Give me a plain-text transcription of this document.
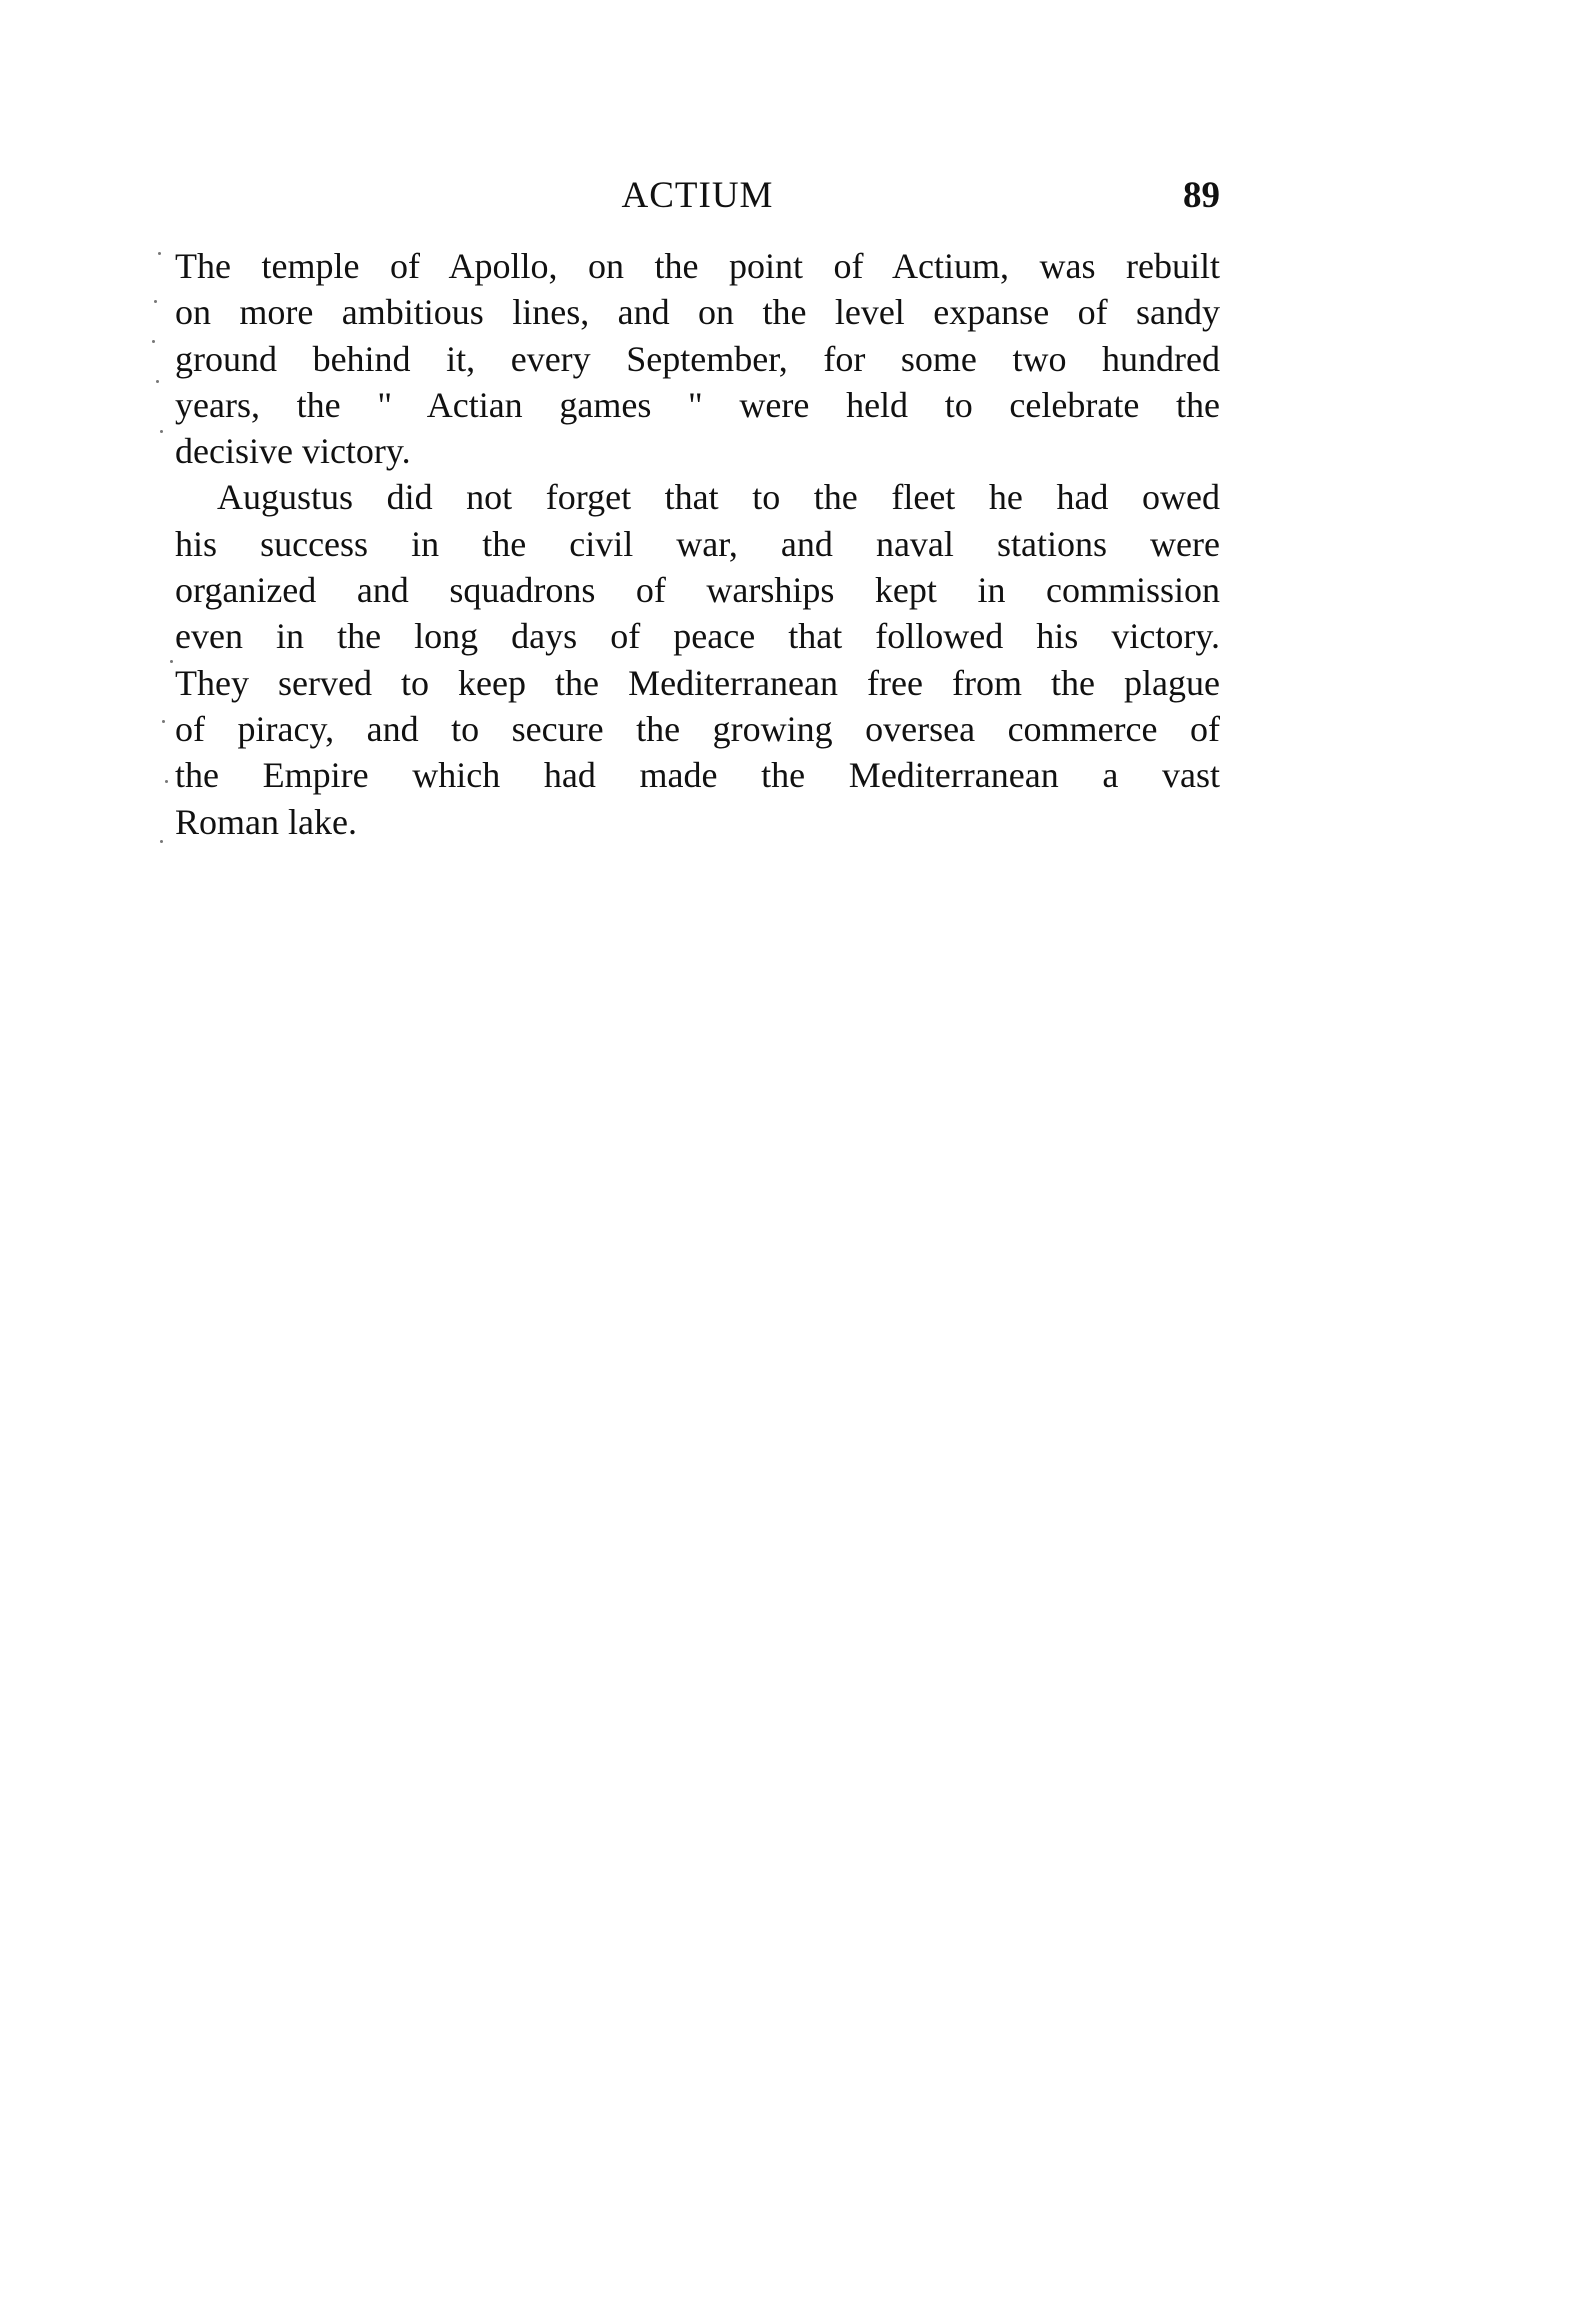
ACTIUM	89
The temple of Apollo, on the point of Actium, was rebuilt
on more ambitious lines, and on the level expanse of sandy
ground behind it, every September, for some two hundred
years, the " Actian games " were held to celebrate the
decisive victory.
Augustus did not forget that to the fleet he had owed
his success in the civil war, and naval stations were
organized and squadrons of warships kept in commission
even in the long days of peace that followed his victory.
They served to keep the Mediterranean free from the plague
of piracy, and to secure the growing oversea commerce of
the Empire which had made the Mediterranean a vast
Roman lake.
